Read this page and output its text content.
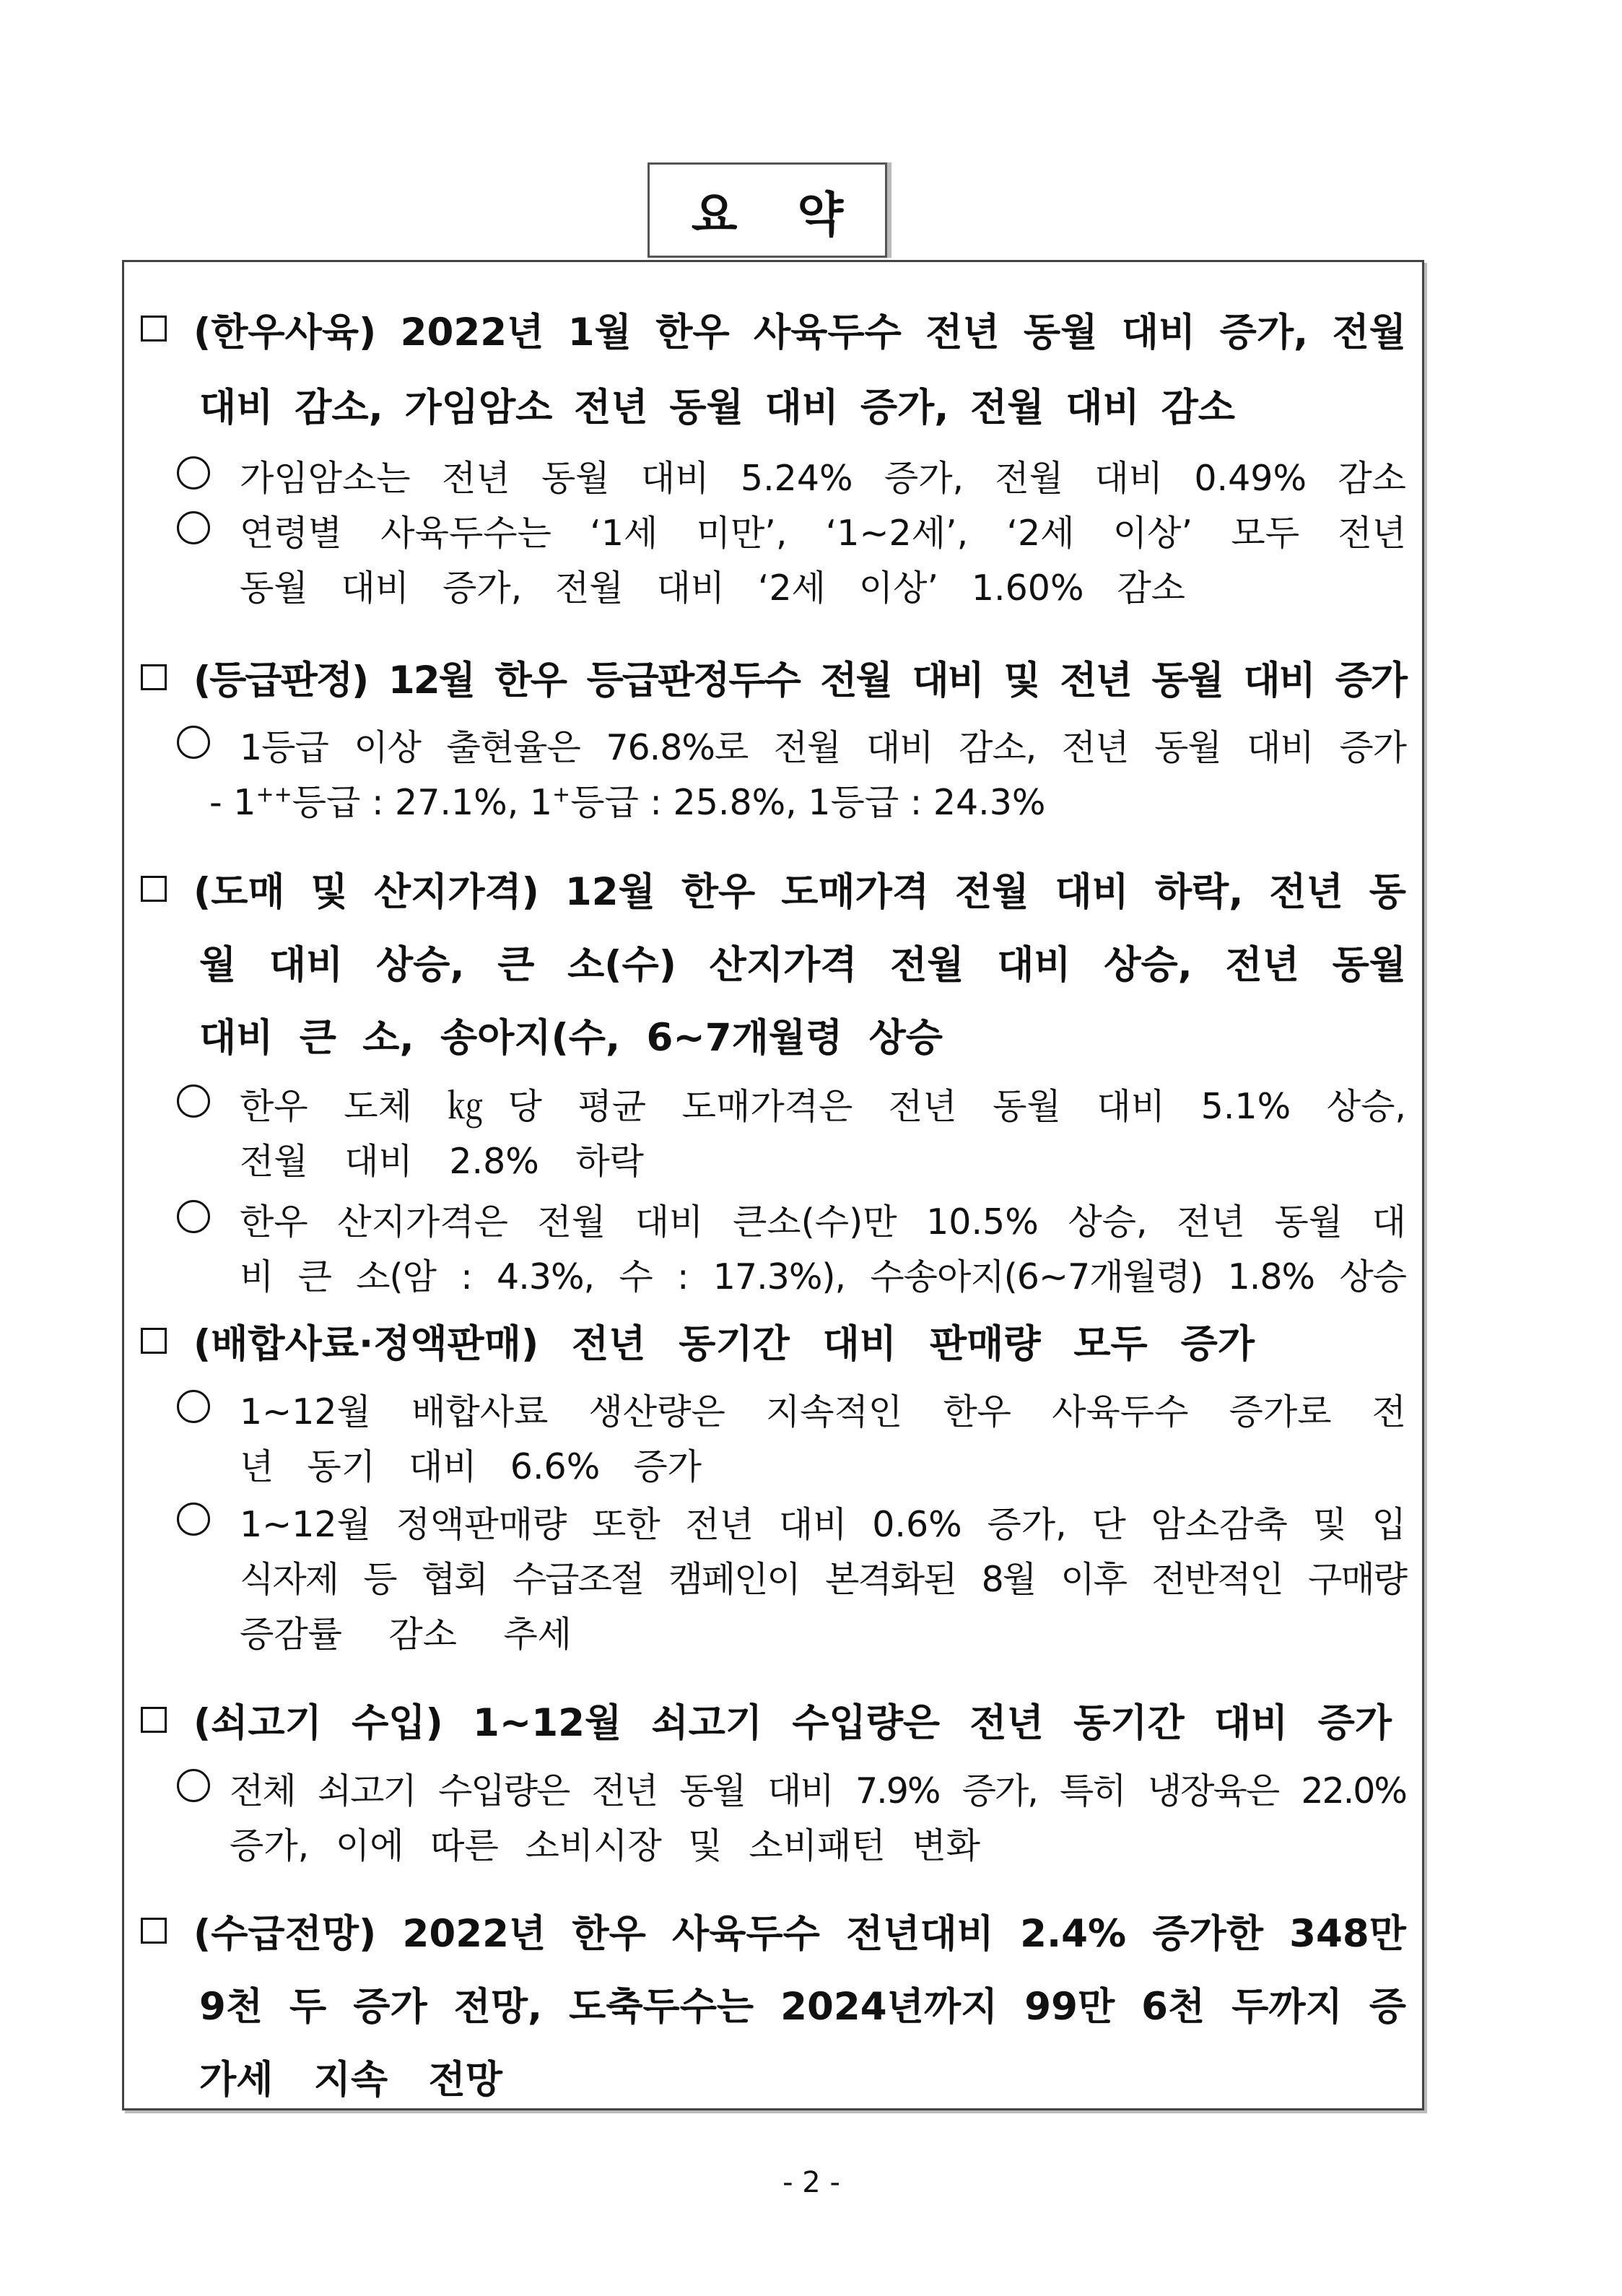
요 약
(한우사육) 2022년 1월 한우 사육두수 전년 동월 대비 증가, 전월
대비 감소, 가임암소 전년 동월 대비 증가, 전월 대비 감소
가임암소는 전년 동월 대비 5.24% 증가, 전월 대비 0.49% 감소
연령별 사육두수는 ‘1세 미만’, ‘1~2세’, ‘2세 이상’ 모두 전년
동월 대비 증가, 전월 대비 ‘2세 이상’ 1.60% 감소
(등급판정) 12월 한우 등급판정두수 전월 대비 및 전년 동월 대비 증가
1등급 이상 출현율은 76.8%로 전월 대비 감소, 전년 동월 대비 증가
- 1++등급 : 27.1%, 1+등급 : 25.8%, 1등급 : 24.3%
(도매 및 산지가격) 12월 한우 도매가격 전월 대비 하락, 전년 동
월 대비 상승, 큰 소(수) 산지가격 전월 대비 상승, 전년 동월
대비 큰 소, 송아지(수, 6~7개월령 상승
한우 도체 ㎏당 평균 도매가격은 전년 동월 대비 5.1% 상승,
전월 대비 2.8% 하락
한우 산지가격은 전월 대비 큰소(수)만 10.5% 상승, 전년 동월 대
비 큰 소(암 : 4.3%, 수 : 17.3%), 수송아지(6~7개월령) 1.8% 상승
(배합사료·정액판매) 전년 동기간 대비 판매량 모두 증가
1~12월 배합사료 생산량은 지속적인 한우 사육두수 증가로 전
년 동기 대비 6.6% 증가
1~12월 정액판매량 또한 전년 대비 0.6% 증가, 단 암소감축 및 입
식자제 등 협회 수급조절 캠페인이 본격화된 8월 이후 전반적인 구매량
증감률 감소 추세
(쇠고기 수입) 1~12월 쇠고기 수입량은 전년 동기간 대비 증가
전체 쇠고기 수입량은 전년 동월 대비 7.9% 증가, 특히 냉장육은 22.0%
증가, 이에 따른 소비시장 및 소비패턴 변화
(수급전망) 2022년 한우 사육두수 전년대비 2.4% 증가한 348만
9천 두 증가 전망, 도축두수는 2024년까지 99만 6천 두까지 증
가세 지속 전망
- 2 -
